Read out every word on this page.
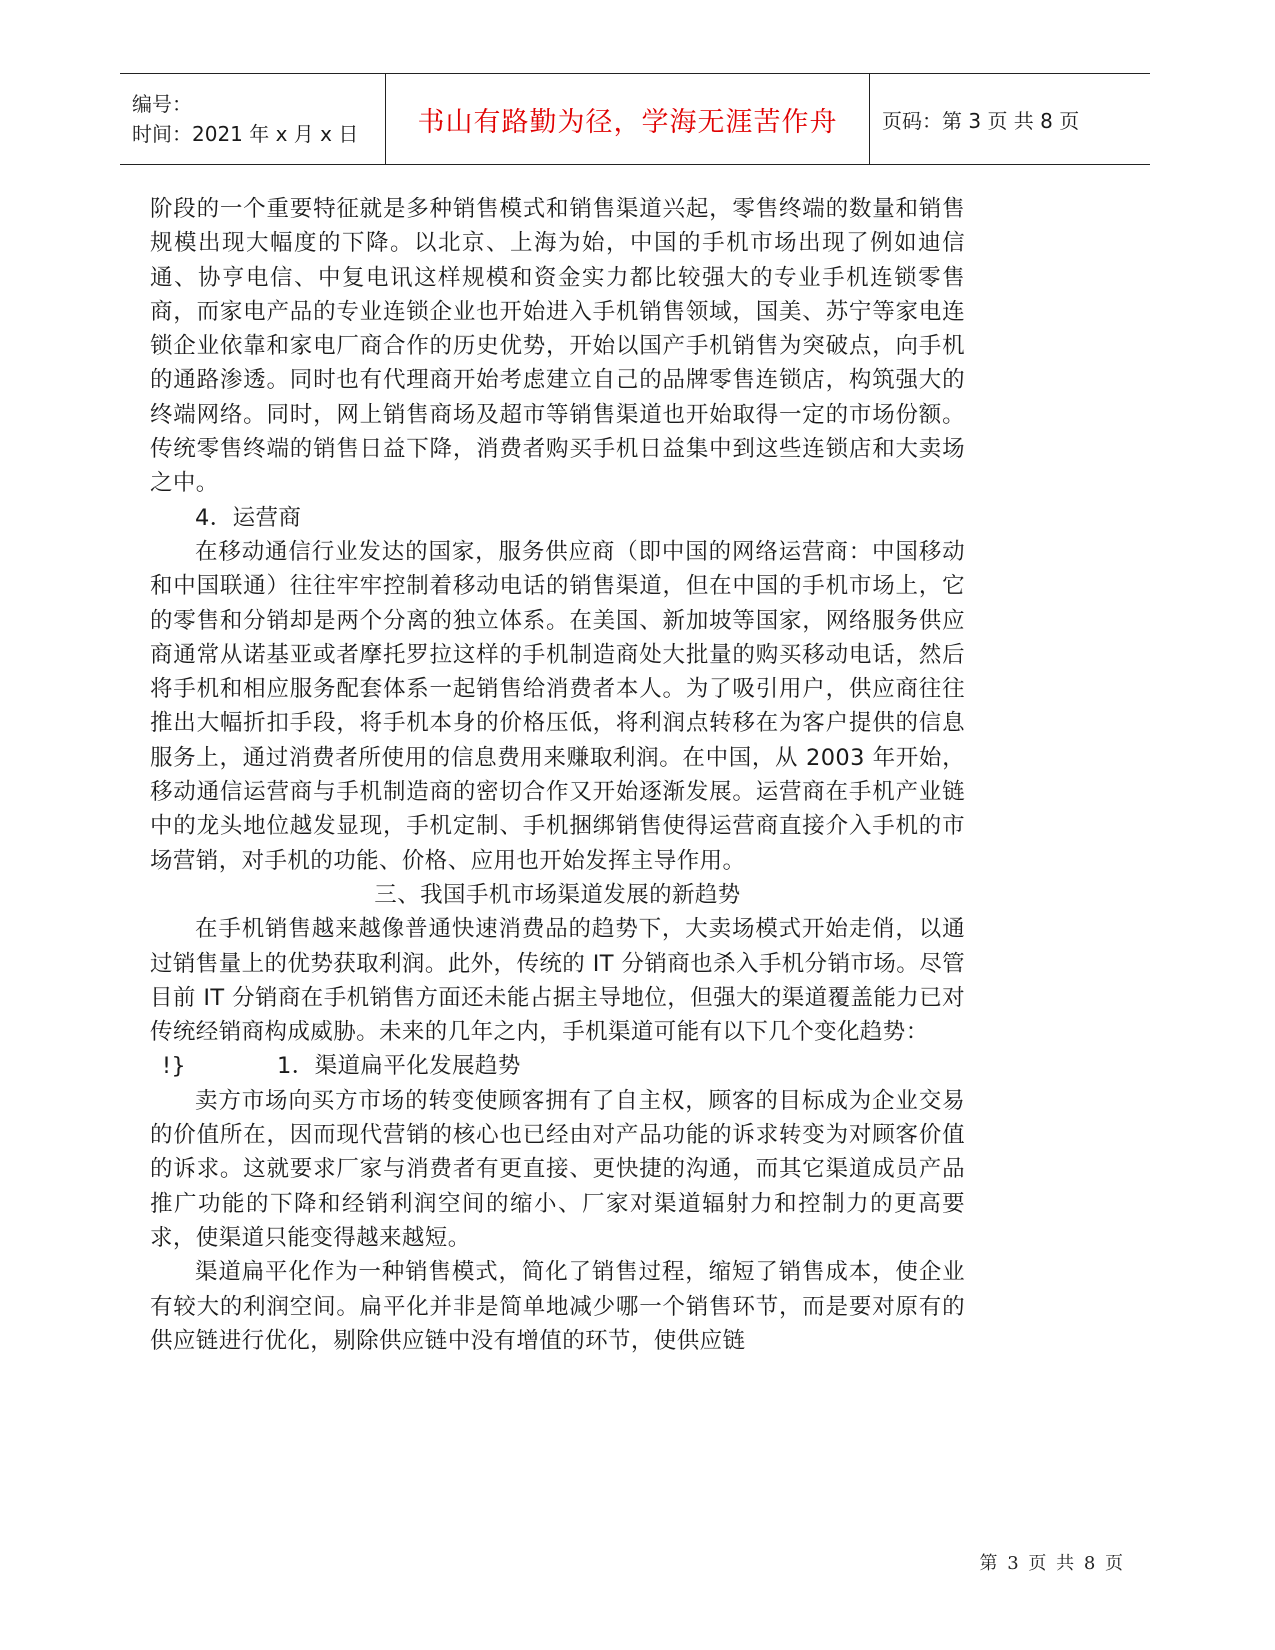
编号：
时间：2021 年 x 月 x 日	书山有路勤为径，学海无涯苦作舟	页码：第 3 页 共 8 页

阶段的一个重要特征就是多种销售模式和销售渠道兴起，零售终端的数量和销售规模出现大幅度的下降。以北京、上海为始，中国的手机市场出现了例如迪信通、协亨电信、中复电讯这样规模和资金实力都比较强大的专业手机连锁零售商，而家电产品的专业连锁企业也开始进入手机销售领域，国美、苏宁等家电连锁企业依靠和家电厂商合作的历史优势，开始以国产手机销售为突破点，向手机的通路渗透。同时也有代理商开始考虑建立自己的品牌零售连锁店，构筑强大的终端网络。同时，网上销售商场及超市等销售渠道也开始取得一定的市场份额。传统零售终端的销售日益下降，消费者购买手机日益集中到这些连锁店和大卖场之中。

4．运营商

在移动通信行业发达的国家，服务供应商（即中国的网络运营商：中国移动和中国联通）往往牢牢控制着移动电话的销售渠道，但在中国的手机市场上，它的零售和分销却是两个分离的独立体系。在美国、新加坡等国家，网络服务供应商通常从诺基亚或者摩托罗拉这样的手机制造商处大批量的购买移动电话，然后将手机和相应服务配套体系一起销售给消费者本人。为了吸引用户，供应商往往推出大幅折扣手段，将手机本身的价格压低，将利润点转移在为客户提供的信息服务上，通过消费者所使用的信息费用来赚取利润。在中国，从 2003 年开始，移动通信运营商与手机制造商的密切合作又开始逐渐发展。运营商在手机产业链中的龙头地位越发显现，手机定制、手机捆绑销售使得运营商直接介入手机的市场营销，对手机的功能、价格、应用也开始发挥主导作用。

三、我国手机市场渠道发展的新趋势

在手机销售越来越像普通快速消费品的趋势下，大卖场模式开始走俏，以通过销售量上的优势获取利润。此外，传统的 IT 分销商也杀入手机分销市场。尽管目前 IT 分销商在手机销售方面还未能占据主导地位，但强大的渠道覆盖能力已对传统经销商构成威胁。未来的几年之内，手机渠道可能有以下几个变化趋势：

!}	1．渠道扁平化发展趋势

卖方市场向买方市场的转变使顾客拥有了自主权，顾客的目标成为企业交易的价值所在，因而现代营销的核心也已经由对产品功能的诉求转变为对顾客价值的诉求。这就要求厂家与消费者有更直接、更快捷的沟通，而其它渠道成员产品推广功能的下降和经销利润空间的缩小、厂家对渠道辐射力和控制力的更高要求，使渠道只能变得越来越短。

渠道扁平化作为一种销售模式，简化了销售过程，缩短了销售成本，使企业有较大的利润空间。扁平化并非是简单地减少哪一个销售环节，而是要对原有的供应链进行优化，剔除供应链中没有增值的环节，使供应链

第 3 页 共 8 页
